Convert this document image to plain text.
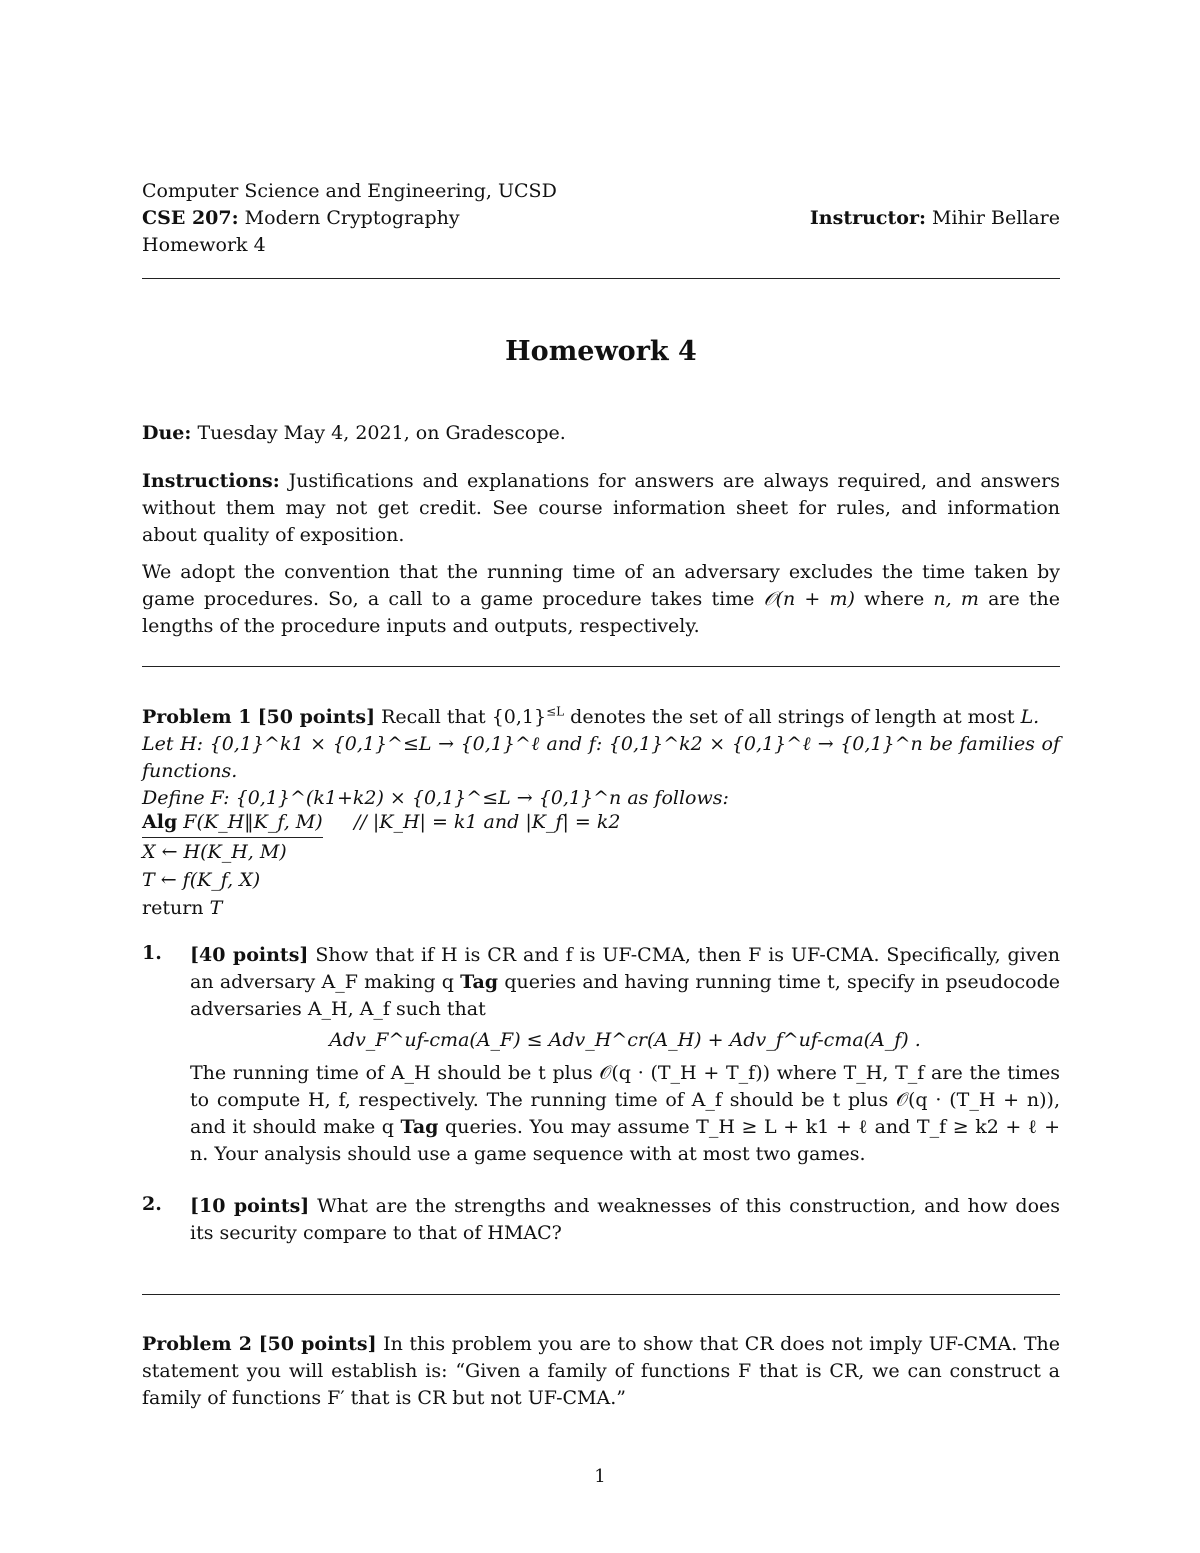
Computer Science and Engineering, UCSD
CSE 207: Modern Cryptography	Instructor: Mihir Bellare
Homework 4
Homework 4
Due: Tuesday May 4, 2021, on Gradescope.
Instructions: Justifications and explanations for answers are always required, and answers without them may not get credit. See course information sheet for rules, and information about quality of exposition.
We adopt the convention that the running time of an adversary excludes the time taken by game procedures. So, a call to a game procedure takes time 𝒪(n + m) where n, m are the lengths of the procedure inputs and outputs, respectively.
Problem 1 [50 points] Recall that $\{0,1\}^{\le L}$ denotes the set of all strings of length at most L.
Let H: {0,1}^k1 × {0,1}^≤L → {0,1}^ℓ and f: {0,1}^k2 × {0,1}^ℓ → {0,1}^n be families of functions.
Define F: {0,1}^(k1+k2) × {0,1}^≤L → {0,1}^n as follows:
Alg F(K_H‖K_f, M) // |K_H| = k1 and |K_f| = k2
X ← H(K_H, M)
T ← f(K_f, X)
return T
1. [40 points] Show that if H is CR and f is UF-CMA, then F is UF-CMA. Specifically, given an adversary A_F making q Tag queries and having running time t, specify in pseudocode adversaries A_H, A_f such that
Adv_F^uf-cma(A_F) ≤ Adv_H^cr(A_H) + Adv_f^uf-cma(A_f) .
The running time of A_H should be t plus 𝒪(q · (T_H + T_f)) where T_H, T_f are the times to compute H, f, respectively. The running time of A_f should be t plus 𝒪(q · (T_H + n)), and it should make q Tag queries. You may assume T_H ≥ L + k1 + ℓ and T_f ≥ k2 + ℓ + n. Your analysis should use a game sequence with at most two games.
2. [10 points] What are the strengths and weaknesses of this construction, and how does its security compare to that of HMAC?
Problem 2 [50 points] In this problem you are to show that CR does not imply UF-CMA. The statement you will establish is: “Given a family of functions F that is CR, we can construct a family of functions F′ that is CR but not UF-CMA.”
1
